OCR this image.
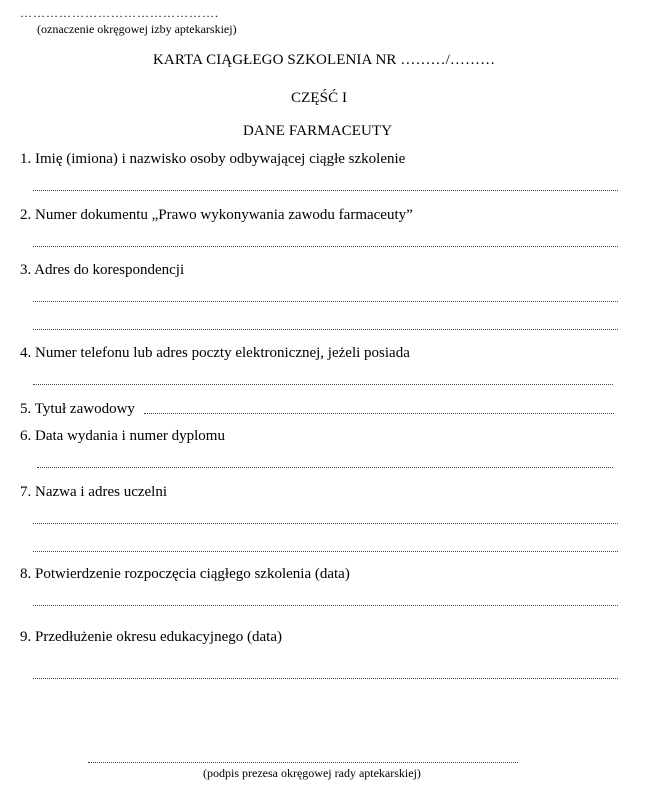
……………………………………….
(oznaczenie okręgowej izby aptekarskiej)
KARTA CIĄGŁEGO SZKOLENIA NR ………/………
CZĘŚĆ I
DANE FARMACEUTY
1. Imię (imiona) i nazwisko osoby odbywającej ciągłe szkolenie
2. Numer dokumentu „Prawo wykonywania zawodu farmaceuty”
3. Adres do korespondencji
4. Numer telefonu lub adres poczty elektronicznej, jeżeli posiada
5. Tytuł zawodowy
6. Data wydania i numer dyplomu
7. Nazwa i adres uczelni
8. Potwierdzenie rozpoczęcia ciągłego szkolenia (data)
9. Przedłużenie okresu edukacyjnego (data)
(podpis prezesa okręgowej rady aptekarskiej)
